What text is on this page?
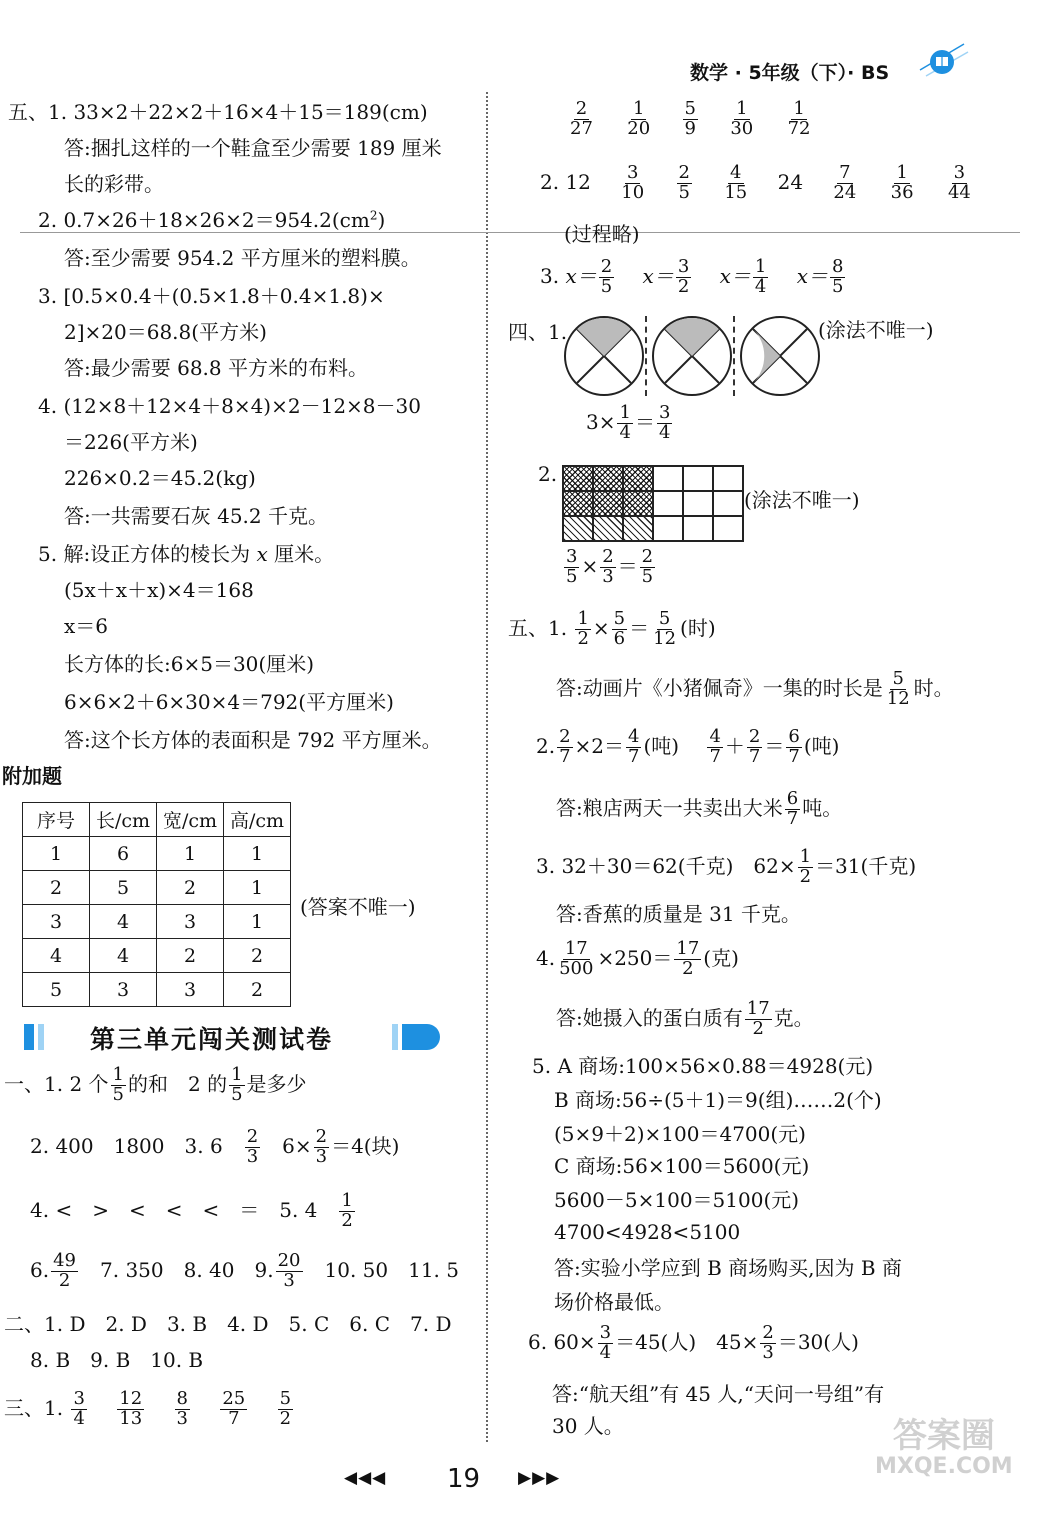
数学 · 5年级（下）· BS
五、1. 33×2＋22×2＋16×4＋15＝189(cm)
答:捆扎这样的一个鞋盒至少需要 189 厘米
长的彩带。
2. $0.7\times 26+18\times 26\times 2=954.2(cm^2)$
答:至少需要 954.2 平方厘米的塑料膜。
3. [0.5×0.4＋(0.5×1.8＋0.4×1.8)×
2]×20＝68.8(平方米)
答:最少需要 68.8 平方米的布料。
4. (12×8＋12×4＋8×4)×2－12×8－30
＝226(平方米)
226×0.2＝45.2(kg)
答:一共需要石灰 45.2 千克。
5. 解:设正方体的棱长为 x 厘米。
(5x＋x＋x)×4＝168
x＝6
长方体的长:6×5＝30(厘米)
6×6×2＋6×30×4＝792(平方厘米)
答:这个长方体的表面积是 792 平方厘米。
附加题
序号	长/cm	宽/cm	高/cm
1	6	1	1
2	5	2	1
3	4	3	1
4	4	2	2
5	3	3	2
(答案不唯一)
第三单元闯关测试卷
一、1. 2 个 $\frac{1}{5}$ 的和　2 的 $\frac{1}{5}$ 是多少
2. 400　1800　3. 6　 $\frac{2}{3}$
　 $6\times \frac{2}{3} =4$(块)
4. <　>　<　<　<　＝　5. 4　 $\frac{1}{2}$
6. $\frac{49}{2}$
　 7. 350　8. 40　9. $\frac{20}{3}$
　 10. 50　11. 5
二、1. D　2. D　3. B　4. D　5. C　6. C　7. D
8. B　9. B　10. B
三、1. $\frac{3}{4}$
　 $\frac{12}{13}$
　 $\frac{8}{3}$
　 $\frac{25}{7}$
　 $\frac{5}{2}$
$\frac{2}{27}$
　 $\frac{1}{20}$
　 $\frac{5}{9}$
　 $\frac{1}{30}$
　 $\frac{1}{72}$
2. 12　 $\frac{3}{10}$
　 $\frac{2}{5}$
　 $\frac{4}{15}$
　 24　 $\frac{7}{24}$
　 $\frac{1}{36}$
　 $\frac{3}{44}$
(过程略)
3. $x= \frac{2}{5}$
　 $x= \frac{3}{2}$
　 $x= \frac{1}{4}$
　 $x= \frac{8}{5}$
四、1.	(涂法不唯一)
$3\times \frac{1}{4} = \frac{3}{4}$
2.
(涂法不唯一)
$\frac{3}{5} \times \frac{2}{3} = \frac{2}{5}$
五、1. $\frac{1}{2} \times \frac{5}{6} = \frac{5}{12}$ (时)
答:动画片《小猪佩奇》一集的时长是 $\frac{5}{12}$ 时。
2. $\frac{2}{7} \times 2= \frac{4}{7}$ (吨)　 $\frac{4}{7} + \frac{2}{7} = \frac{6}{7}$ (吨)
答:粮店两天一共卖出大米 $\frac{6}{7}$ 吨。
3. 32＋30＝62(千克)　$62\times \frac{1}{2} =31$(千克)
答:香蕉的质量是 31 千克。
4. $\frac{17}{500} \times 250= \frac{17}{2}$ (克)
答:她摄入的蛋白质有 $\frac{17}{2}$ 克。
5. A 商场:100×56×0.88＝4928(元)
B 商场:56÷(5＋1)＝9(组)……2(个)
(5×9＋2)×100＝4700(元)
C 商场:56×100＝5600(元)
5600－5×100＝5100(元)
4700<4928<5100
答:实验小学应到 B 商场购买,因为 B 商
场价格最低。
6. $60\times \frac{3}{4} =45$(人)　$45\times \frac{2}{3} =30$(人)
答:“航天组”有 45 人,“天问一号组”有
30 人。
◀◀◀ 19 ▶▶▶
答案圈
MXQE.COM
